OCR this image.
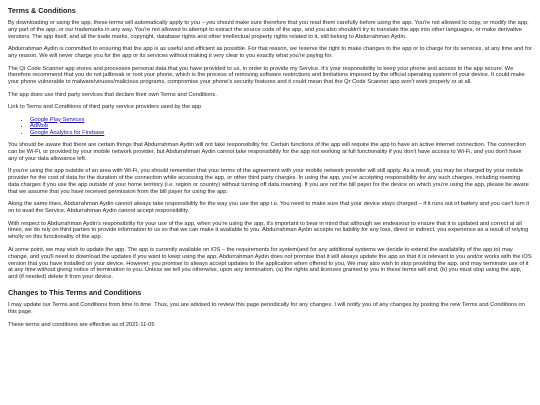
Terms & Conditions

By downloading or using the app, these terms will automatically apply to you – you should make sure therefore that you read them carefully before using the app. You're not allowed to copy, or modify the app, any part of the app, or our trademarks in any way. You're not allowed to attempt to extract the source code of the app, and you also shouldn't try to translate the app into other languages, or make derivative versions. The app itself, and all the trade marks, copyright, database rights and other intellectual property rights related to it, still belong to Abdurrahman Aydin.

Abdurrahman Aydin is committed to ensuring that the app is as useful and efficient as possible. For that reason, we reserve the right to make changes to the app or to charge for its services, at any time and for any reason. We will never charge you for the app or its services without making it very clear to you exactly what you're paying for.

The Qr Code Scanner app stores and processes personal data that you have provided to us, in order to provide my Service. It's your responsibility to keep your phone and access to the app secure. We therefore recommend that you do not jailbreak or root your phone, which is the process of removing software restrictions and limitations imposed by the official operating system of your device. It could make your phone vulnerable to malware/viruses/malicious programs, compromise your phone's security features and it could mean that the Qr Code Scanner app won't work properly or at all.

The app does use third party services that declare their own Terms and Conditions.

Link to Terms and Conditions of third party service providers used by the app

• Google Play Services
• AdMob
• Google Analytics for Firebase

You should be aware that there are certain things that Abdurrahman Aydin will not take responsibility for. Certain functions of the app will require the app to have an active internet connection. The connection can be Wi-Fi, or provided by your mobile network provider, but Abdurrahman Aydin cannot take responsibility for the app not working at full functionality if you don't have access to Wi-Fi, and you don't have any of your data allowance left.

If you're using the app outside of an area with Wi-Fi, you should remember that your terms of the agreement with your mobile network provider will still apply. As a result, you may be charged by your mobile provider for the cost of data for the duration of the connection while accessing the app, or other third party charges. In using the app, you're accepting responsibility for any such charges, including roaming data charges if you use the app outside of your home territory (i.e. region or country) without turning off data roaming. If you are not the bill payer for the device on which you're using the app, please be aware that we assume that you have received permission from the bill payer for using the app.

Along the same lines, Abdurrahman Aydin cannot always take responsibility for the way you use the app i.e. You need to make sure that your device stays charged – if it runs out of battery and you can't turn it on to avail the Service, Abdurrahman Aydin cannot accept responsibility.

With respect to Abdurrahman Aydin's responsibility for your use of the app, when you're using the app, it's important to bear in mind that although we endeavour to ensure that it is updated and correct at all times, we do rely on third parties to provide information to us so that we can make it available to you. Abdurrahman Aydin accepts no liability for any loss, direct or indirect, you experience as a result of relying wholly on this functionality of the app.

At some point, we may wish to update the app. The app is currently available on iOS – the requirements for system(and for any additional systems we decide to extend the availability of the app to) may change, and you'll need to download the updates if you want to keep using the app. Abdurrahman Aydin does not promise that it will always update the app so that it is relevant to you and/or works with the iOS version that you have installed on your device. However, you promise to always accept updates to the application when offered to you, We may also wish to stop providing the app, and may terminate use of it at any time without giving notice of termination to you. Unless we tell you otherwise, upon any termination, (a) the rights and licenses granted to you in these terms will end; (b) you must stop using the app, and (if needed) delete it from your device.

Changes to This Terms and Conditions

I may update our Terms and Conditions from time to time. Thus, you are advised to review this page periodically for any changes. I will notify you of any changes by posting the new Terms and Conditions on this page.

These terms and conditions are effective as of 2021-11-05
